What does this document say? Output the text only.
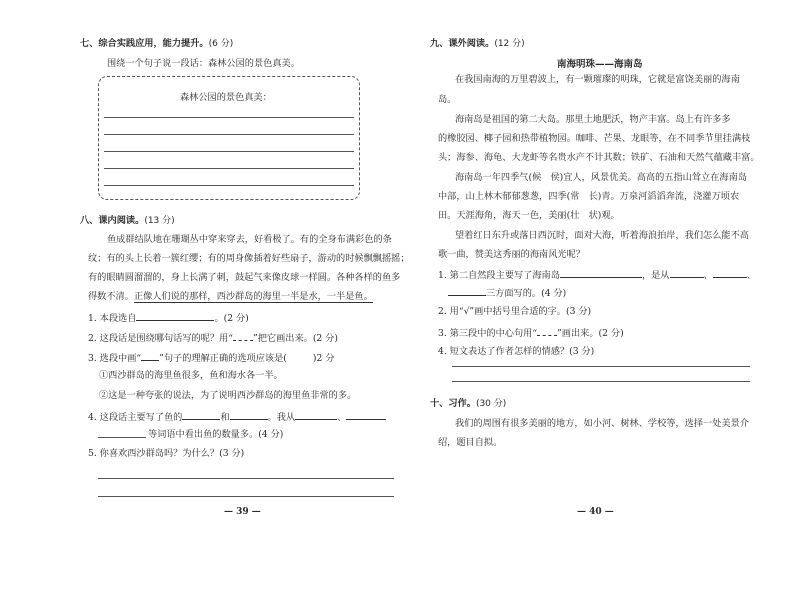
七、综合实践应用，能力提升。(6 分)
围绕一个句子说一段话：森林公园的景色真美。
森林公园的景色真美：
八、课内阅读。(13 分)
鱼成群结队地在珊瑚丛中穿来穿去，好看极了。有的全身布满彩色的条
纹；有的头上长着一簇红缨；有的周身像插着好些扇子，游动的时候飘飘摇摇；
有的眼睛圆溜溜的，身上长满了刺，鼓起气来像皮球一样圆。各种各样的鱼多
得数不清。正像人们说的那样，西沙群岛的海里一半是水，一半是鱼。
1. 本段选自	。(2 分)
2. 这段话是围绕哪句话写的呢？用“ ”把它画出来。(2 分)
3. 选段中画“ ”句子的理解正确的选项应该是(	)2 分
①西沙群岛的海里鱼很多，鱼和海水各一半。
②这是一种夸张的说法，为了说明西沙群岛的海里鱼非常的多。
4. 这段话主要写了鱼的	和	。我从	、
等词语中看出鱼的数量多。(4 分)
5. 你喜欢西沙群岛吗？为什么？(3 分)
— 39 —
九、课外阅读。(12 分)
南海明珠——海南岛
在我国南海的万里碧波上，有一颗璀璨的明珠，它就是富饶美丽的海南
岛。
海南岛是祖国的第二大岛。那里土地肥沃，物产丰富。岛上有许多多
的橡胶园、椰子园和热带植物园。咖啡、芒果、龙眼等，在不同季节里挂满枝
头；海参、海龟、大龙虾等名贵水产不计其数；铁矿、石油和天然气蕴藏丰富。
海南岛一年四季气(候　侯)宜人，风景优美。高高的五指山耸立在海南岛
中部，山上林木郁郁葱葱，四季(常　长)青。万泉河滔滔奔流，浇灌万顷农
田。天涯海角，海天一色，美丽(壮　状)观。
望着红日东升或落日西沉时，面对大海，听着海浪拍岸，我们怎么能不高
歌一曲，赞美这秀丽的海南风光呢？
1. 第二自然段主要写了海南岛	，是从	、	、
三方面写的。(4 分)
2. 用“√”画中括号里合适的字。(3 分)
3. 第三段中的中心句用“ ”画出来。(2 分)
4. 短文表达了作者怎样的情感？(3 分)
十、习作。(30 分)
我们的周围有很多美丽的地方，如小河、树林、学校等，选择一处美景介
绍，题目自拟。
— 40 —
